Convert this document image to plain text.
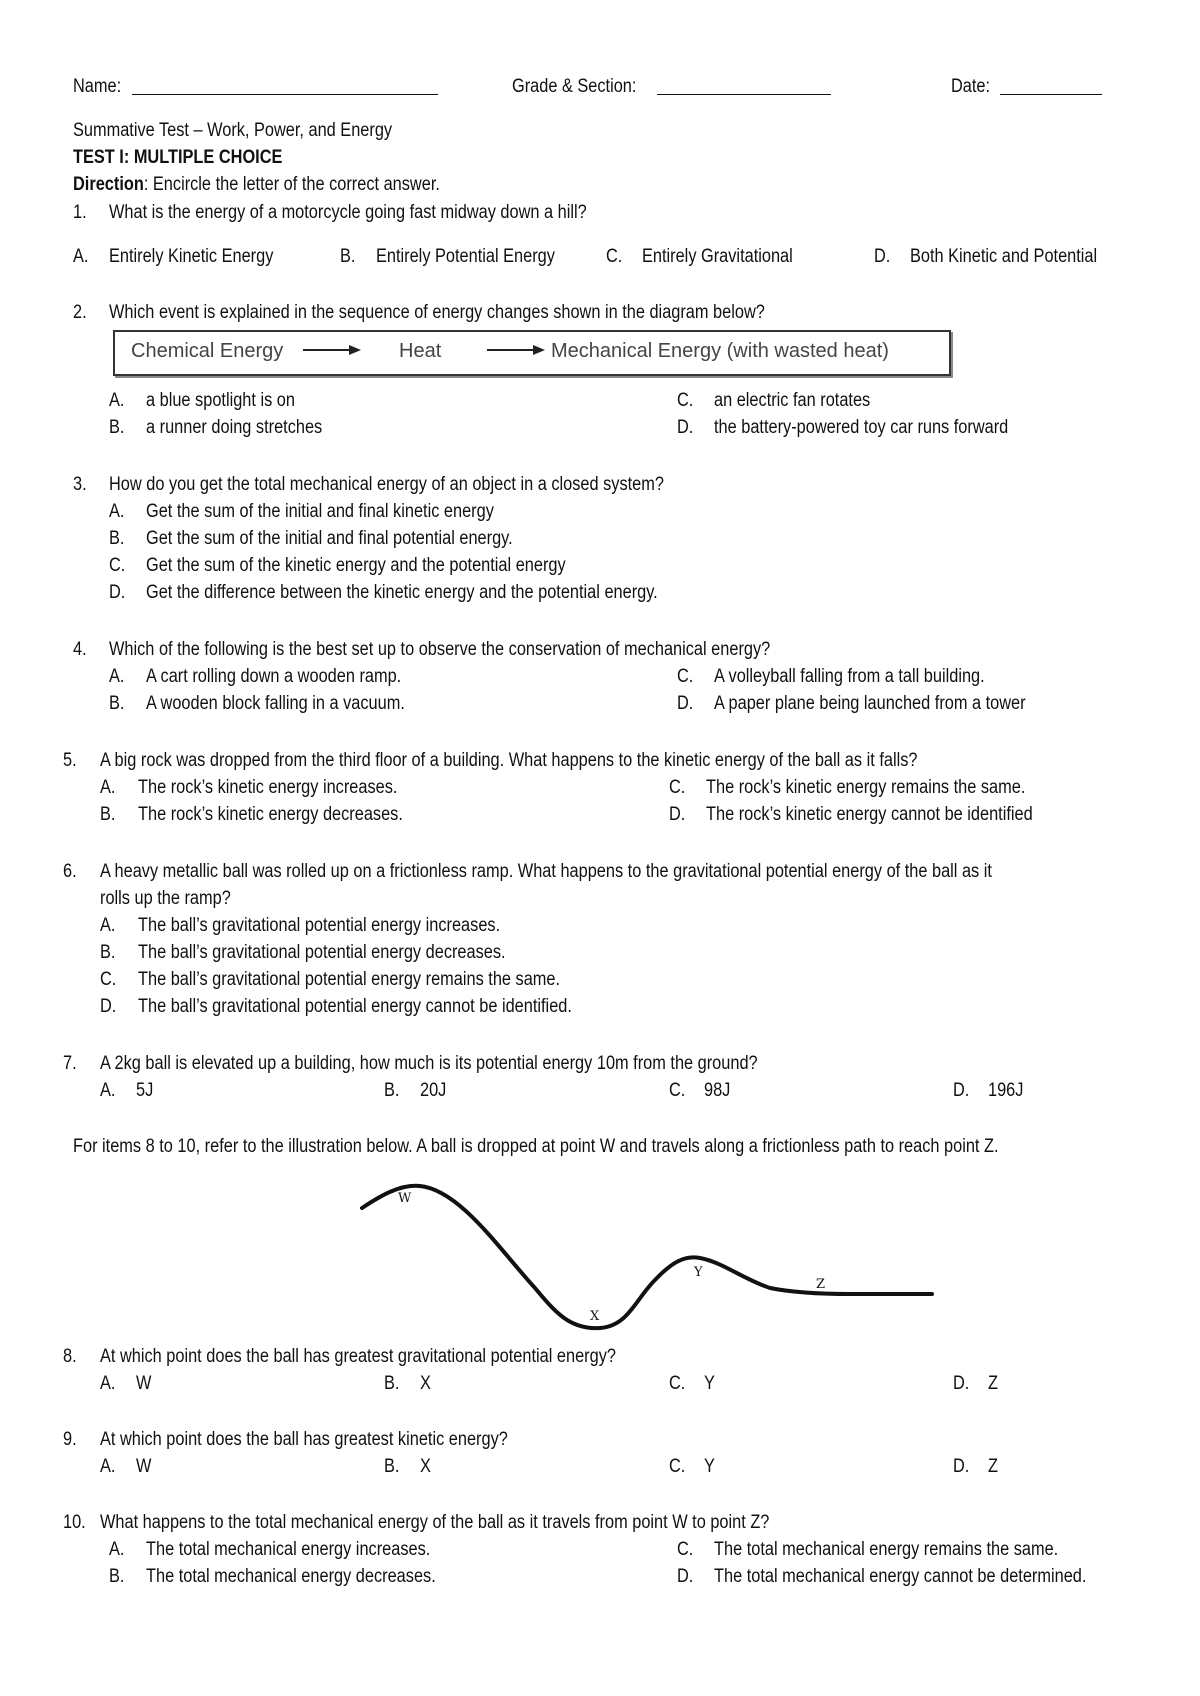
Name:	Grade & Section:	Date:
Summative Test – Work, Power, and Energy
TEST I: MULTIPLE CHOICE
Direction: Encircle the letter of the correct answer.
1. What is the energy of a motorcycle going fast midway down a hill?
A. Entirely Kinetic Energy	B. Entirely Potential Energy	C. Entirely Gravitational	D. Both Kinetic and Potential
2. Which event is explained in the sequence of energy changes shown in the diagram below?
Chemical Energy	Heat	Mechanical Energy (with wasted heat)
A. a blue spotlight is on
B. a runner doing stretches
C. an electric fan rotates
D. the battery-powered toy car runs forward
3. How do you get the total mechanical energy of an object in a closed system?
A. Get the sum of the initial and final kinetic energy
B. Get the sum of the initial and final potential energy.
C. Get the sum of the kinetic energy and the potential energy
D. Get the difference between the kinetic energy and the potential energy.
4. Which of the following is the best set up to observe the conservation of mechanical energy?
A. A cart rolling down a wooden ramp.
B. A wooden block falling in a vacuum.
C. A volleyball falling from a tall building.
D. A paper plane being launched from a tower
5. A big rock was dropped from the third floor of a building. What happens to the kinetic energy of the ball as it falls?
A. The rock’s kinetic energy increases.
B. The rock’s kinetic energy decreases.
C. The rock’s kinetic energy remains the same.
D. The rock’s kinetic energy cannot be identified
6. A heavy metallic ball was rolled up on a frictionless ramp. What happens to the gravitational potential energy of the ball as it
rolls up the ramp?
A. The ball’s gravitational potential energy increases.
B. The ball’s gravitational potential energy decreases.
C. The ball’s gravitational potential energy remains the same.
D. The ball’s gravitational potential energy cannot be identified.
7. A 2kg ball is elevated up a building, how much is its potential energy 10m from the ground?
A. 5J	B. 20J	C. 98J	D. 196J
For items 8 to 10, refer to the illustration below. A ball is dropped at point W and travels along a frictionless path to reach point Z.
W
X
Y
Z
8. At which point does the ball has greatest gravitational potential energy?
A. W	B. X	C. Y	D. Z
9. At which point does the ball has greatest kinetic energy?
A. W	B. X	C. Y	D. Z
10. What happens to the total mechanical energy of the ball as it travels from point W to point Z?
A. The total mechanical energy increases.
B. The total mechanical energy decreases.
C. The total mechanical energy remains the same.
D. The total mechanical energy cannot be determined.
